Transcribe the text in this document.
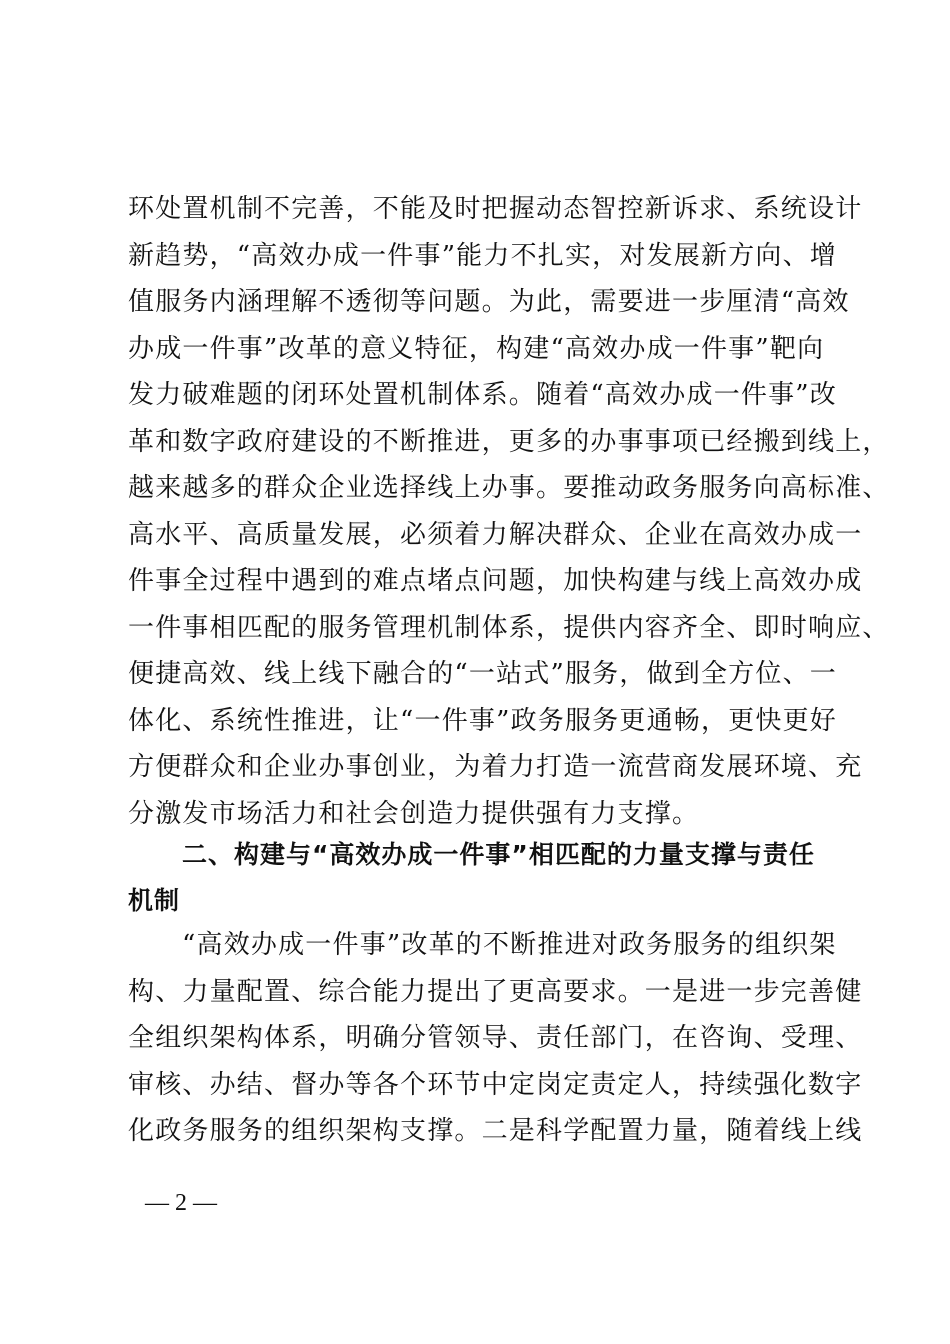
环处置机制不完善，不能及时把握动态智控新诉求、系统设计
新趋势，“高效办成一件事”能力不扎实，对发展新方向、增
值服务内涵理解不透彻等问题。为此，需要进一步厘清“高效
办成一件事”改革的意义特征，构建“高效办成一件事”靶向
发力破难题的闭环处置机制体系。随着“高效办成一件事”改
革和数字政府建设的不断推进，更多的办事事项已经搬到线上，
越来越多的群众企业选择线上办事。要推动政务服务向高标准、
高水平、高质量发展，必须着力解决群众、企业在高效办成一
件事全过程中遇到的难点堵点问题，加快构建与线上高效办成
一件事相匹配的服务管理机制体系，提供内容齐全、即时响应、
便捷高效、线上线下融合的“一站式”服务，做到全方位、一
体化、系统性推进，让“一件事”政务服务更通畅，更快更好
方便群众和企业办事创业，为着力打造一流营商发展环境、充
分激发市场活力和社会创造力提供强有力支撑。
二、构建与“高效办成一件事”相匹配的力量支撑与责任
机制
“高效办成一件事”改革的不断推进对政务服务的组织架
构、力量配置、综合能力提出了更高要求。一是进一步完善健
全组织架构体系，明确分管领导、责任部门，在咨询、受理、
审核、办结、督办等各个环节中定岗定责定人，持续强化数字
化政务服务的组织架构支撑。二是科学配置力量，随着线上线
— 2 —
